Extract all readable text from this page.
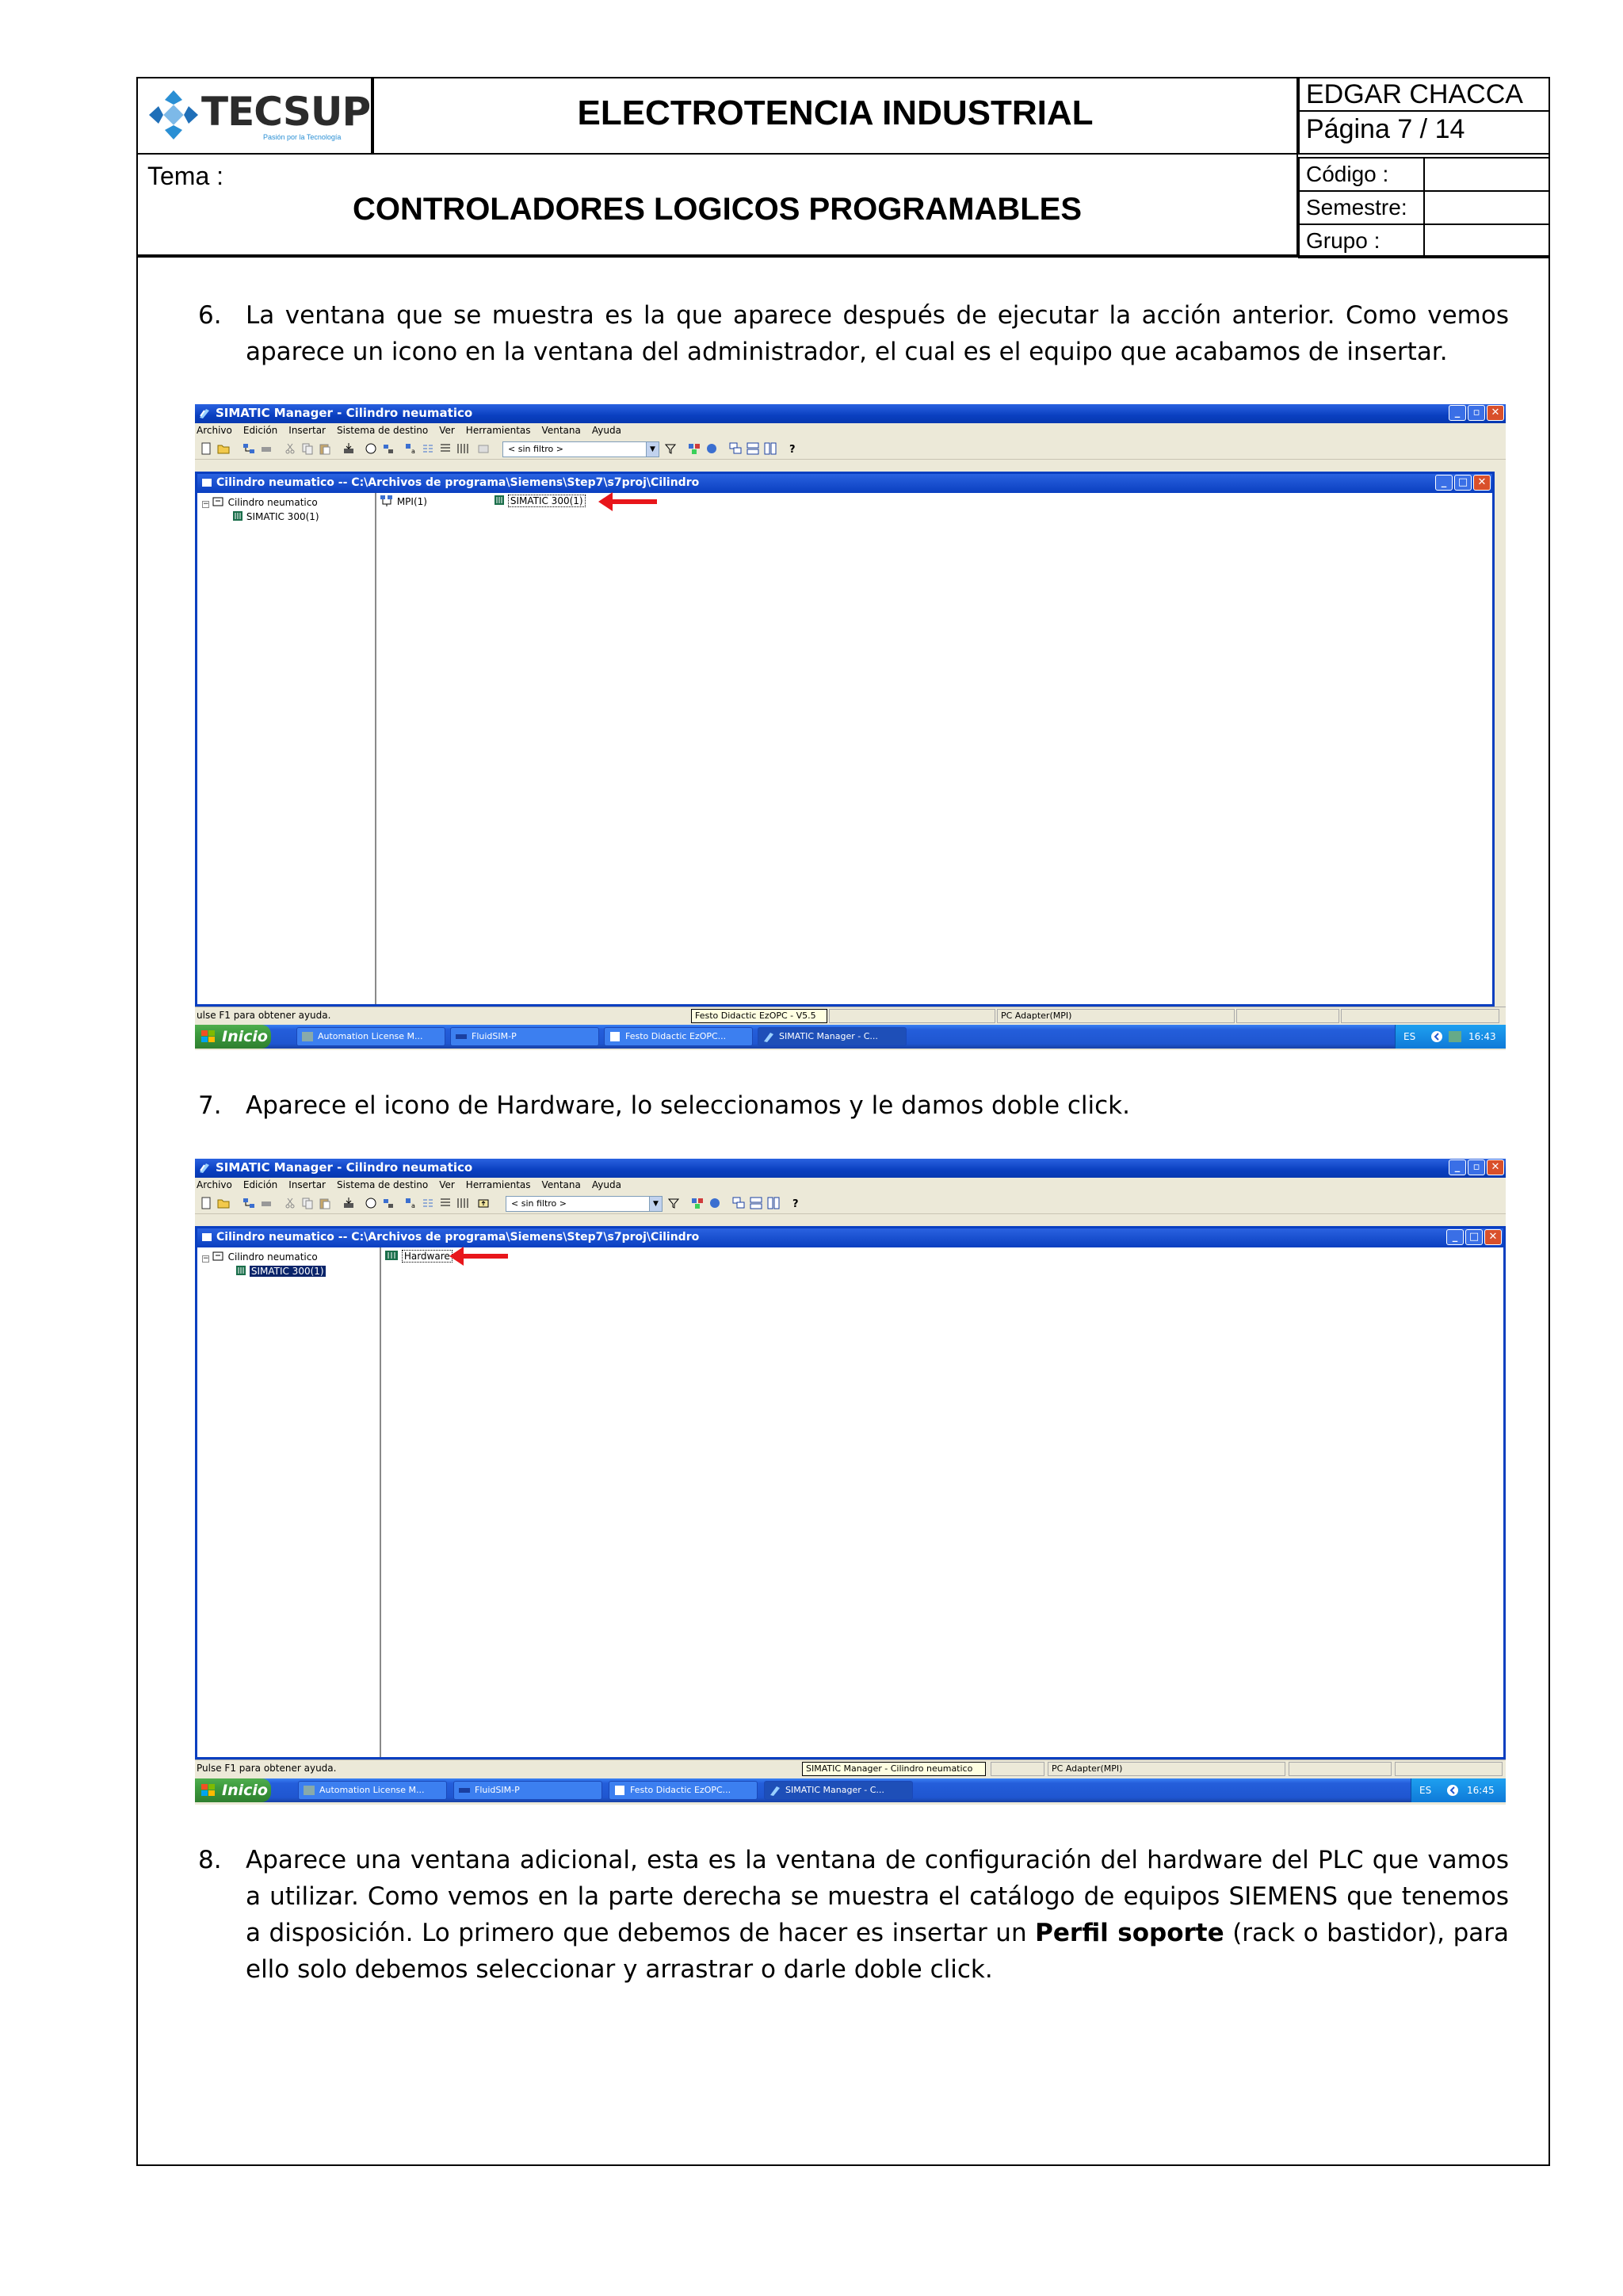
TECSUP
Pasión por la Tecnología
ELECTROTENCIA INDUSTRIAL	EDGAR CHACCA
Página 7 / 14
Tema :
CONTROLADORES LOGICOS PROGRAMABLES
Código :
Semestre:
Grupo :
6. La ventana que se muestra es la que aparece después de ejecutar la acción anterior. Como vemos aparece un icono en la ventana del administrador, el cual es el equipo que acabamos de insertar.
SIMATIC Manager - Cilindro neumatico	_	▫	✕
Archivo Edición Insertar Sistema de destino Ver Herramientas Ventana Ayuda
a	< sin filtro >	▼	?
Cilindro neumatico -- C:\Archivos de programa\Siemens\Step7\s7proj\Cilindro	_	□ ✕
− Cilindro neumatico
SIMATIC 300(1)
MPI(1)	SIMATIC 300(1)
ulse F1 para obtener ayuda.	Festo Didactic EzOPC - V5.5	PC Adapter(MPI)
Inicio	Automation License M...	FluidSIM-P	Festo Didactic EzOPC...	SIMATIC Manager - C...	ES	16:43
7. Aparece el icono de Hardware, lo seleccionamos y le damos doble click.
SIMATIC Manager - Cilindro neumatico	_	▫	✕
Archivo Edición Insertar Sistema de destino Ver Herramientas Ventana Ayuda
a	< sin filtro >	▼	?
Cilindro neumatico -- C:\Archivos de programa\Siemens\Step7\s7proj\Cilindro	_	□ ✕
− Cilindro neumatico
SIMATIC 300(1)
Hardware
Pulse F1 para obtener ayuda.	SIMATIC Manager - Cilindro neumatico	PC Adapter(MPI)
Inicio	Automation License M...	FluidSIM-P	Festo Didactic EzOPC...	SIMATIC Manager - C...	ES	16:45
8. Aparece una ventana adicional, esta es la ventana de configuración del hardware del PLC que vamos a utilizar. Como vemos en la parte derecha se muestra el catálogo de equipos SIEMENS que tenemos a disposición. Lo primero que debemos de hacer es insertar un Perfil soporte (rack o bastidor), para ello solo debemos seleccionar y arrastrar o darle doble click.
